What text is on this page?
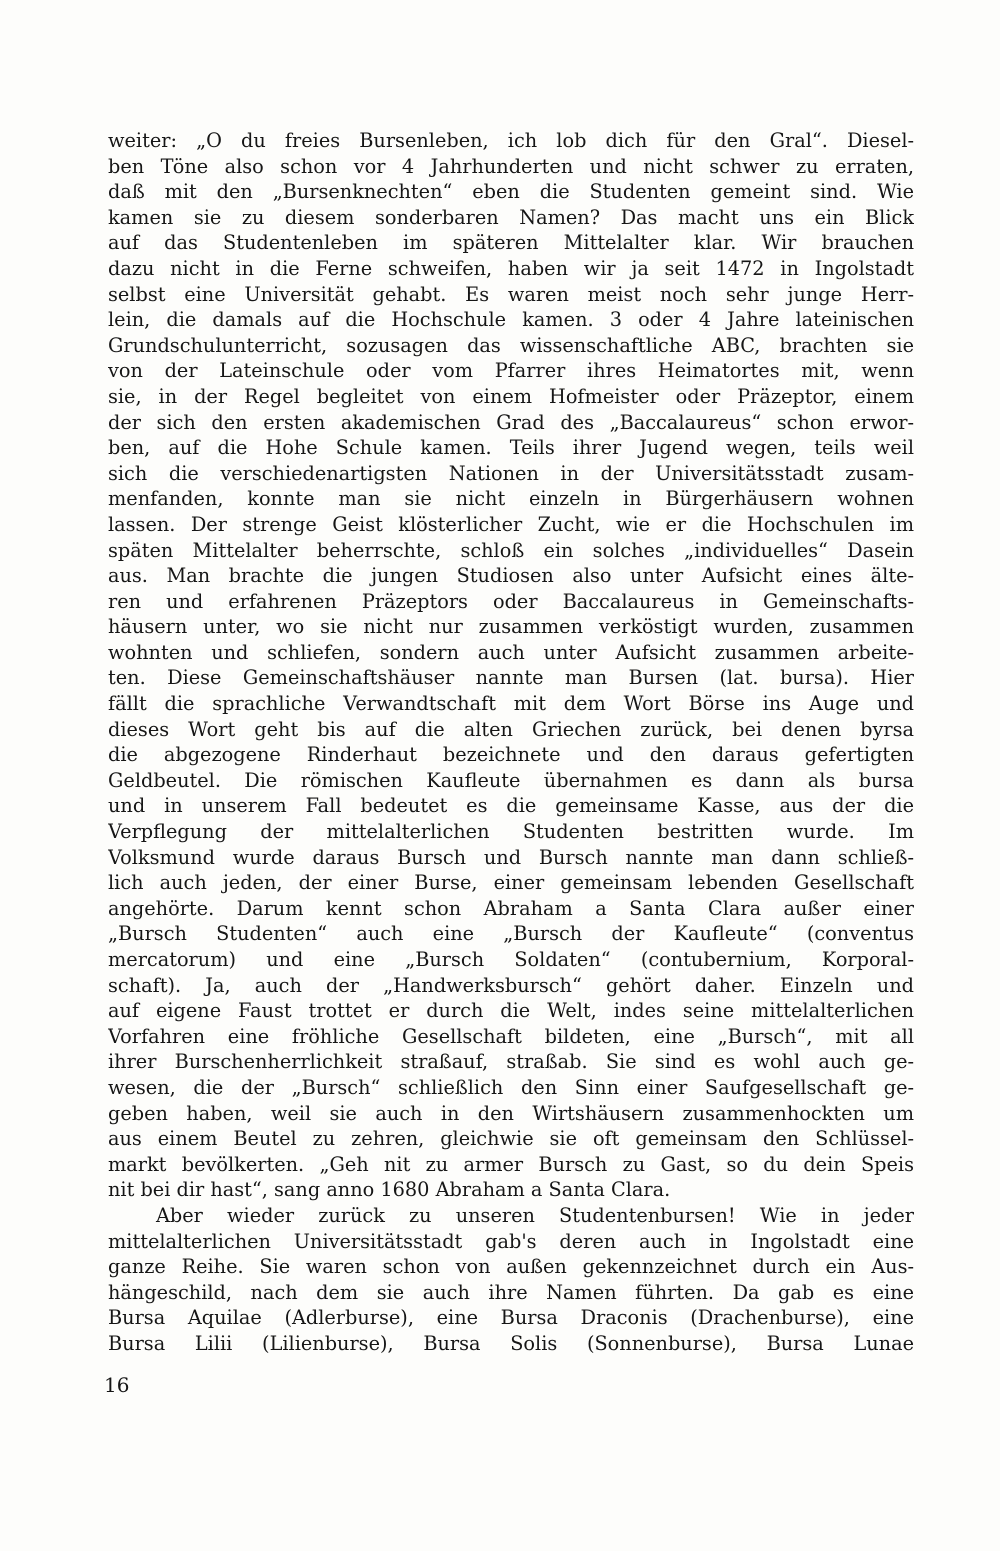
weiter: „O du freies Bursenleben, ich lob dich für den Gral“. Diesel-
ben Töne also schon vor 4 Jahrhunderten und nicht schwer zu erraten,
daß mit den „Bursenknechten“ eben die Studenten gemeint sind. Wie
kamen sie zu diesem sonderbaren Namen? Das macht uns ein Blick
auf das Studentenleben im späteren Mittelalter klar. Wir brauchen
dazu nicht in die Ferne schweifen, haben wir ja seit 1472 in Ingolstadt
selbst eine Universität gehabt. Es waren meist noch sehr junge Herr-
lein, die damals auf die Hochschule kamen. 3 oder 4 Jahre lateinischen
Grundschulunterricht, sozusagen das wissenschaftliche ABC, brachten sie
von der Lateinschule oder vom Pfarrer ihres Heimatortes mit, wenn
sie, in der Regel begleitet von einem Hofmeister oder Präzeptor, einem
der sich den ersten akademischen Grad des „Baccalaureus“ schon erwor-
ben, auf die Hohe Schule kamen. Teils ihrer Jugend wegen, teils weil
sich die verschiedenartigsten Nationen in der Universitätsstadt zusam-
menfanden, konnte man sie nicht einzeln in Bürgerhäusern wohnen
lassen. Der strenge Geist klösterlicher Zucht, wie er die Hochschulen im
späten Mittelalter beherrschte, schloß ein solches „individuelles“ Dasein
aus. Man brachte die jungen Studiosen also unter Aufsicht eines älte-
ren und erfahrenen Präzeptors oder Baccalaureus in Gemeinschafts-
häusern unter, wo sie nicht nur zusammen verköstigt wurden, zusammen
wohnten und schliefen, sondern auch unter Aufsicht zusammen arbeite-
ten. Diese Gemeinschaftshäuser nannte man Bursen (lat. bursa). Hier
fällt die sprachliche Verwandtschaft mit dem Wort Börse ins Auge und
dieses Wort geht bis auf die alten Griechen zurück, bei denen byrsa
die abgezogene Rinderhaut bezeichnete und den daraus gefertigten
Geldbeutel. Die römischen Kaufleute übernahmen es dann als bursa
und in unserem Fall bedeutet es die gemeinsame Kasse, aus der die
Verpflegung der mittelalterlichen Studenten bestritten wurde. Im
Volksmund wurde daraus Bursch und Bursch nannte man dann schließ-
lich auch jeden, der einer Burse, einer gemeinsam lebenden Gesellschaft
angehörte. Darum kennt schon Abraham a Santa Clara außer einer
„Bursch Studenten“ auch eine „Bursch der Kaufleute“ (conventus
mercatorum) und eine „Bursch Soldaten“ (contubernium, Korporal-
schaft). Ja, auch der „Handwerksbursch“ gehört daher. Einzeln und
auf eigene Faust trottet er durch die Welt, indes seine mittelalterlichen
Vorfahren eine fröhliche Gesellschaft bildeten, eine „Bursch“, mit all
ihrer Burschenherrlichkeit straßauf, straßab. Sie sind es wohl auch ge-
wesen, die der „Bursch“ schließlich den Sinn einer Saufgesellschaft ge-
geben haben, weil sie auch in den Wirtshäusern zusammenhockten um
aus einem Beutel zu zehren, gleichwie sie oft gemeinsam den Schlüssel-
markt bevölkerten. „Geh nit zu armer Bursch zu Gast, so du dein Speis
nit bei dir hast“, sang anno 1680 Abraham a Santa Clara.
Aber wieder zurück zu unseren Studentenbursen! Wie in jeder
mittelalterlichen Universitätsstadt gab's deren auch in Ingolstadt eine
ganze Reihe. Sie waren schon von außen gekennzeichnet durch ein Aus-
hängeschild, nach dem sie auch ihre Namen führten. Da gab es eine
Bursa Aquilae (Adlerburse), eine Bursa Draconis (Drachenburse), eine
Bursa Lilii (Lilienburse), Bursa Solis (Sonnenburse), Bursa Lunae
16
